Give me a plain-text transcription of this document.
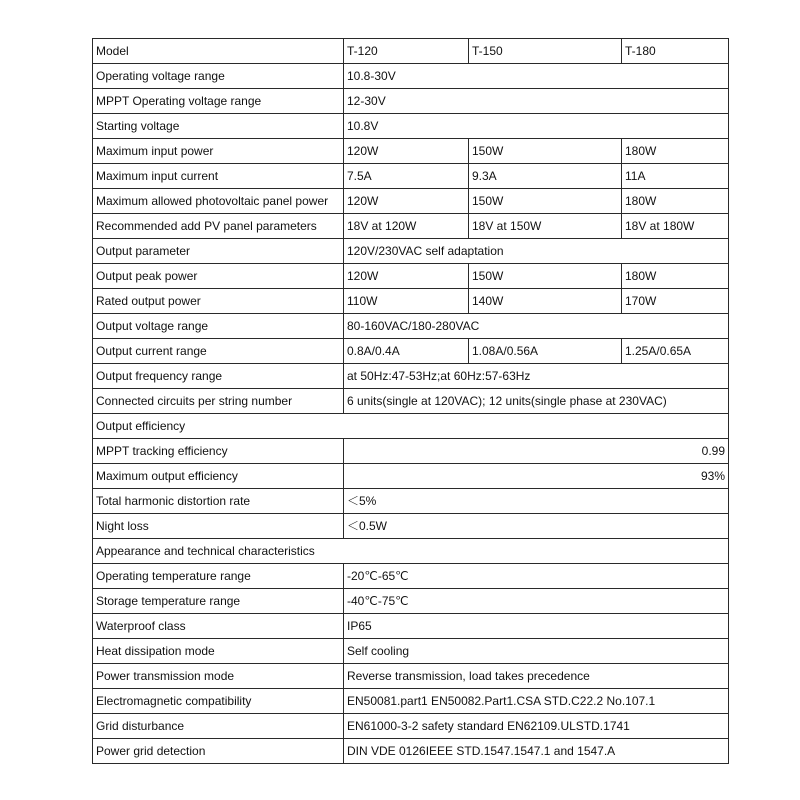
Model	T-120	T-150	T-180
Operating voltage range	10.8-30V		
MPPT Operating voltage range	12-30V		
Starting voltage	10.8V		
Maximum input power	120W	150W	180W
Maximum input current	7.5A	9.3A	11A
Maximum allowed photovoltaic panel power	120W	150W	180W
Recommended add PV panel parameters	18V at 120W	18V at 150W	18V at 180W
Output parameter	120V/230VAC self adaptation		
Output peak power	120W	150W	180W
Rated output power	110W	140W	170W
Output voltage range	80-160VAC/180-280VAC		
Output current range	0.8A/0.4A	1.08A/0.56A	1.25A/0.65A
Output frequency range	at 50Hz:47-53Hz;at 60Hz:57-63Hz		
Connected circuits per string number	6 units(single at 120VAC); 12 units(single phase at 230VAC)		
Output efficiency			
MPPT tracking efficiency	0.99		
Maximum output efficiency	93%		
Total harmonic distortion rate	＜5%		
Night loss	＜0.5W		
Appearance and technical characteristics			
Operating temperature range	-20℃-65℃		
Storage temperature range	-40℃-75℃		
Waterproof class	IP65		
Heat dissipation mode	Self cooling		
Power transmission mode	Reverse transmission, load takes precedence		
Electromagnetic compatibility	EN50081.part1 EN50082.Part1.CSA STD.C22.2 No.107.1		
Grid disturbance	EN61000-3-2 safety standard EN62109.ULSTD.1741		
Power grid detection	DIN VDE 0126IEEE STD.1547.1547.1 and 1547.A		
